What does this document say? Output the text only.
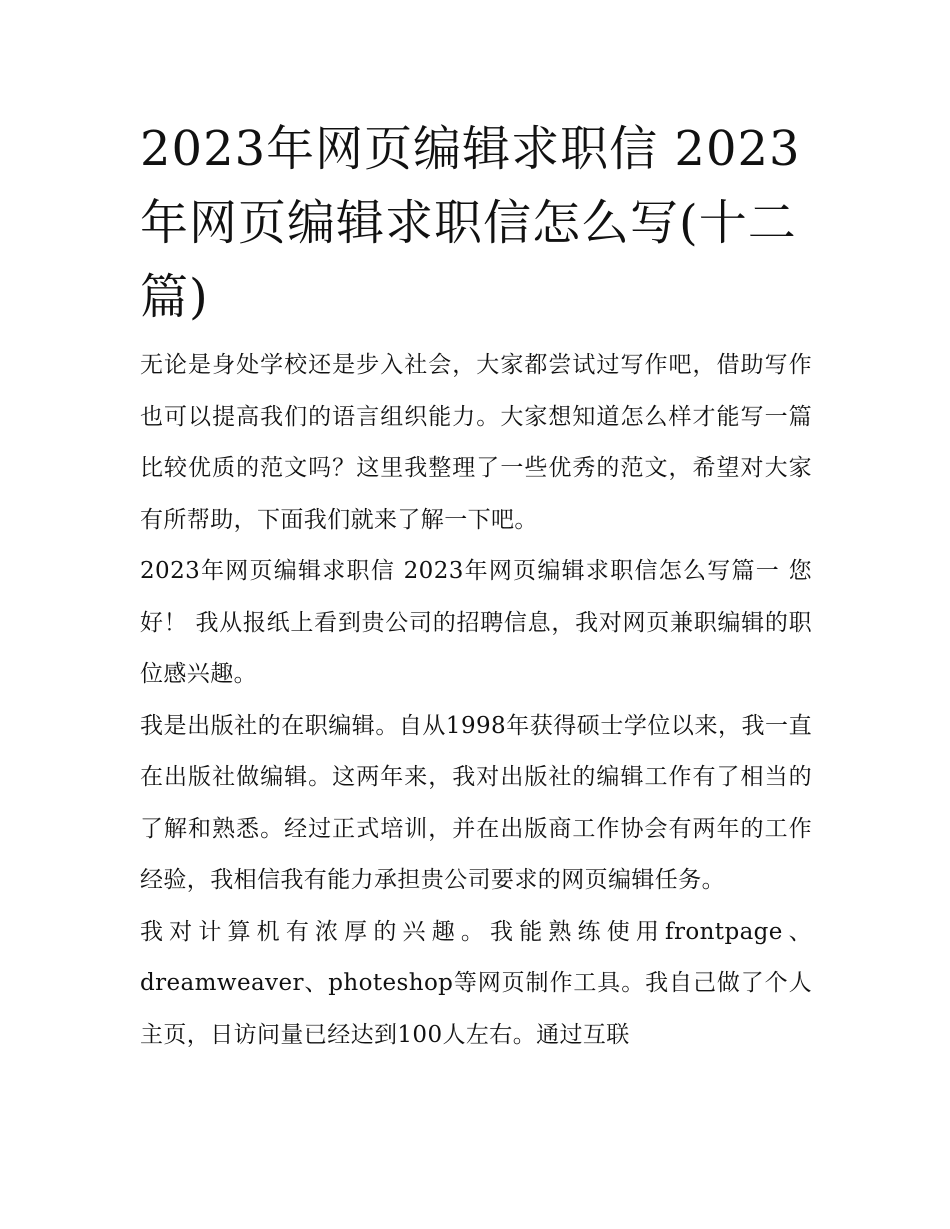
2023年网页编辑求职信 2023年网页编辑求职信怎么写(十二篇)

无论是身处学校还是步入社会，大家都尝试过写作吧，借助写作也可以提高我们的语言组织能力。大家想知道怎么样才能写一篇比较优质的范文吗？这里我整理了一些优秀的范文，希望对大家有所帮助，下面我们就来了解一下吧。

2023年网页编辑求职信 2023年网页编辑求职信怎么写篇一 您好！ 我从报纸上看到贵公司的招聘信息，我对网页兼职编辑的职位感兴趣。

我是出版社的在职编辑。自从1998年获得硕士学位以来，我一直在出版社做编辑。这两年来，我对出版社的编辑工作有了相当的了解和熟悉。经过正式培训，并在出版商工作协会有两年的工作经验，我相信我有能力承担贵公司要求的网页编辑任务。

我对计算机有浓厚的兴趣。我能熟练使用frontpage、dreamweaver、photeshop等网页制作工具。我自己做了个人主页，日访问量已经达到100人左右。通过互联
